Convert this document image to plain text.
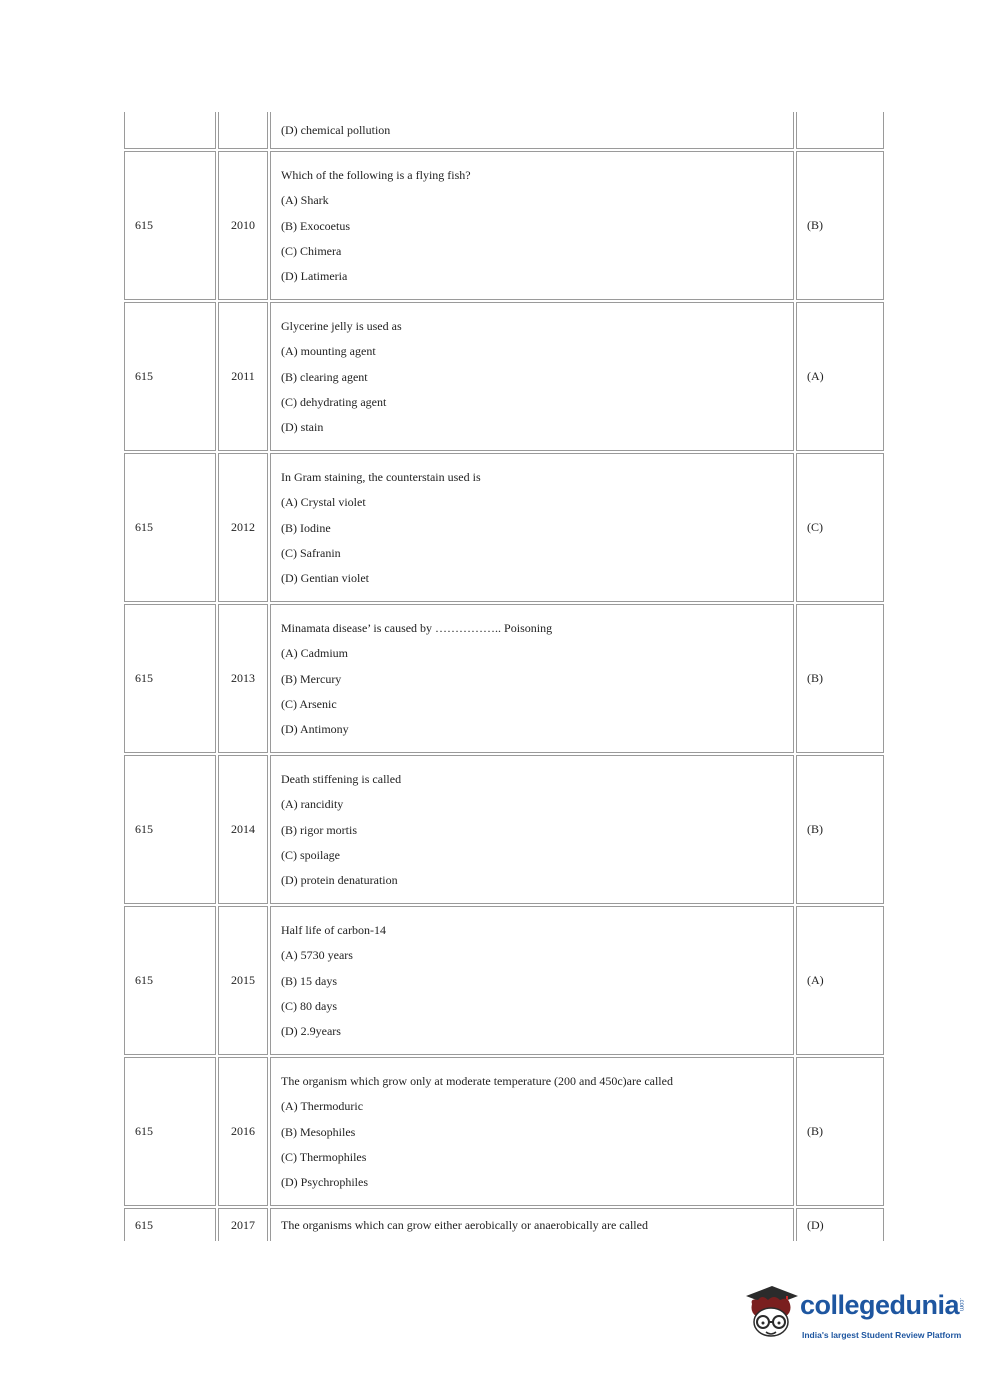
		(D) chemical pollution	
615	2010	Which of the following is a flying fish?
(A) Shark
(B) Exocoetus
(C) Chimera
(D) Latimeria	(B)
615	2011	Glycerine jelly is used as
(A) mounting agent
(B) clearing agent
(C) dehydrating agent
(D) stain	(A)
615	2012	In Gram staining, the counterstain used is
(A) Crystal violet
(B) Iodine
(C) Safranin
(D) Gentian violet	(C)
615	2013	Minamata disease’ is caused by …………….. Poisoning
(A) Cadmium
(B) Mercury
(C) Arsenic
(D) Antimony	(B)
615	2014	Death stiffening is called
(A) rancidity
(B) rigor mortis
(C) spoilage
(D) protein denaturation	(B)
615	2015	Half life of carbon-14
(A) 5730 years
(B) 15 days
(C) 80 days
(D) 2.9years	(A)
615	2016	The organism which grow only at moderate temperature (200 and 450c)are called
(A) Thermoduric
(B) Mesophiles
(C) Thermophiles
(D) Psychrophiles	(B)
615	2017	The organisms which can grow either aerobically or anaerobically are called	(D)
collegedunia
.com
India's largest Student Review Platform
